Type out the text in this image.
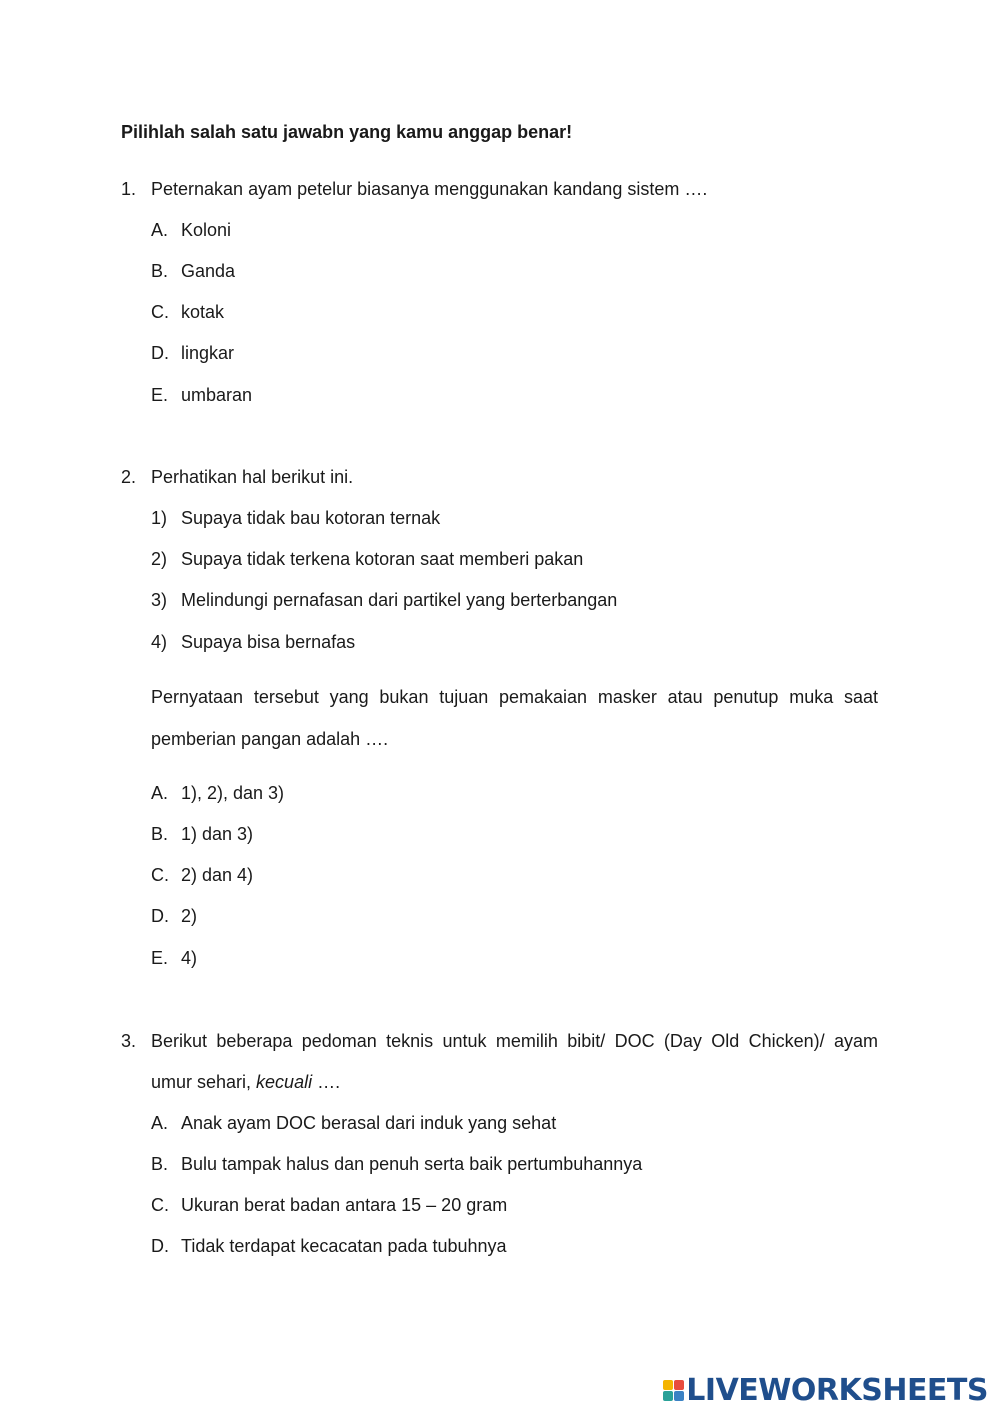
Pilihlah salah satu jawabn yang kamu anggap benar!
1. Peternakan ayam petelur biasanya menggunakan kandang sistem ….
A. Koloni
B. Ganda
C. kotak
D. lingkar
E. umbaran
2. Perhatikan hal berikut ini.
1) Supaya tidak bau kotoran ternak
2) Supaya tidak terkena kotoran saat memberi pakan
3) Melindungi pernafasan dari partikel yang berterbangan
4) Supaya bisa bernafas
Pernyataan tersebut yang bukan tujuan pemakaian masker atau penutup muka saat
pemberian pangan adalah ….
A. 1), 2), dan 3)
B. 1) dan 3)
C. 2) dan 4)
D. 2)
E. 4)
3. Berikut beberapa pedoman teknis untuk memilih bibit/ DOC (Day Old Chicken)/ ayam
umur sehari, kecuali ….
A. Anak ayam DOC berasal dari induk yang sehat
B. Bulu tampak halus dan penuh serta baik pertumbuhannya
C. Ukuran berat badan antara 15 – 20 gram
D. Tidak terdapat kecacatan pada tubuhnya
LIVEWORKSHEETS
